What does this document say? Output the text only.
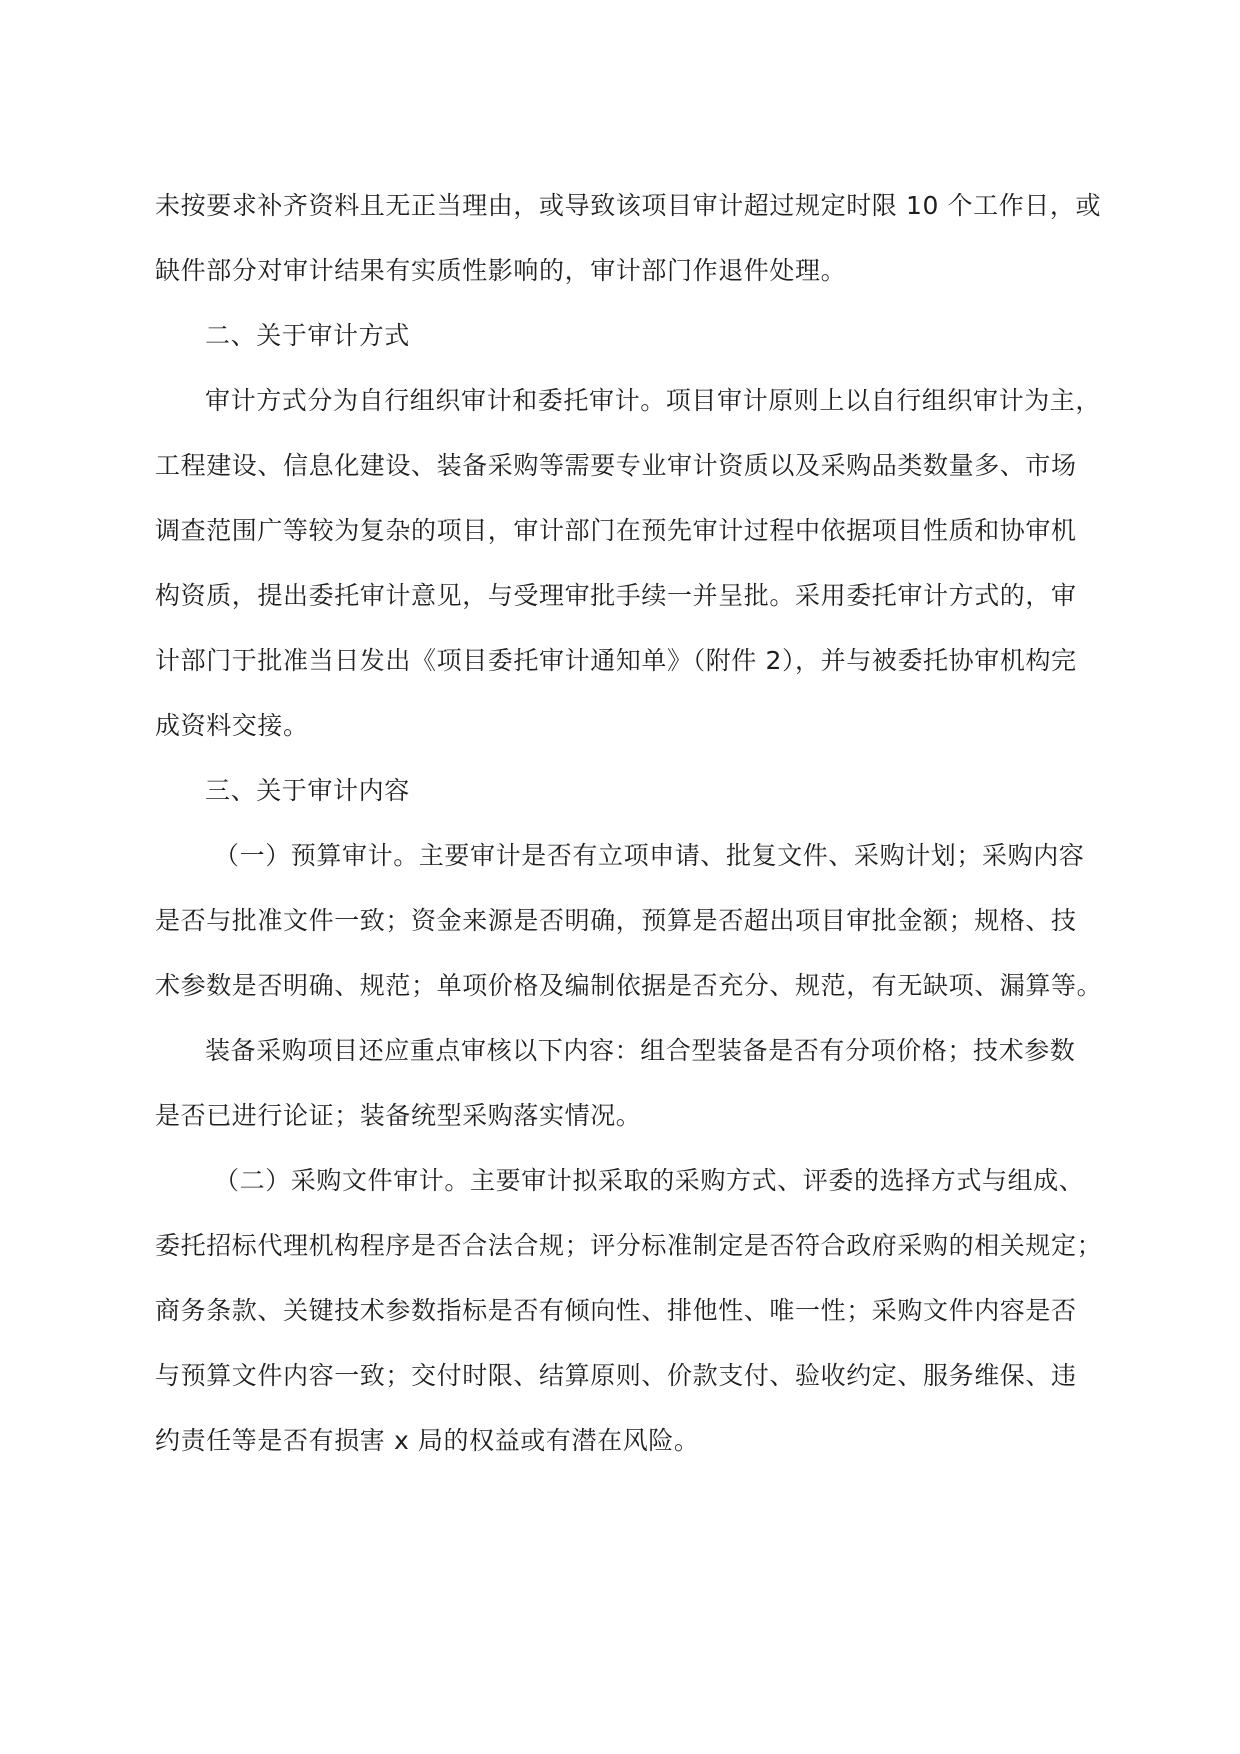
未按要求补齐资料且无正当理由，或导致该项目审计超过规定时限 10 个工作日，或
缺件部分对审计结果有实质性影响的，审计部门作退件处理。
二、关于审计方式
审计方式分为自行组织审计和委托审计。项目审计原则上以自行组织审计为主，
工程建设、信息化建设、装备采购等需要专业审计资质以及采购品类数量多、市场
调查范围广等较为复杂的项目，审计部门在预先审计过程中依据项目性质和协审机
构资质，提出委托审计意见，与受理审批手续一并呈批。采用委托审计方式的，审
计部门于批准当日发出《项目委托审计通知单》（附件 2），并与被委托协审机构完
成资料交接。
三、关于审计内容
（一）预算审计。主要审计是否有立项申请、批复文件、采购计划；采购内容
是否与批准文件一致；资金来源是否明确，预算是否超出项目审批金额；规格、技
术参数是否明确、规范；单项价格及编制依据是否充分、规范，有无缺项、漏算等。
装备采购项目还应重点审核以下内容：组合型装备是否有分项价格；技术参数
是否已进行论证；装备统型采购落实情况。
（二）采购文件审计。主要审计拟采取的采购方式、评委的选择方式与组成、
委托招标代理机构程序是否合法合规；评分标准制定是否符合政府采购的相关规定；
商务条款、关键技术参数指标是否有倾向性、排他性、唯一性；采购文件内容是否
与预算文件内容一致；交付时限、结算原则、价款支付、验收约定、服务维保、违
约责任等是否有损害 x 局的权益或有潜在风险。
